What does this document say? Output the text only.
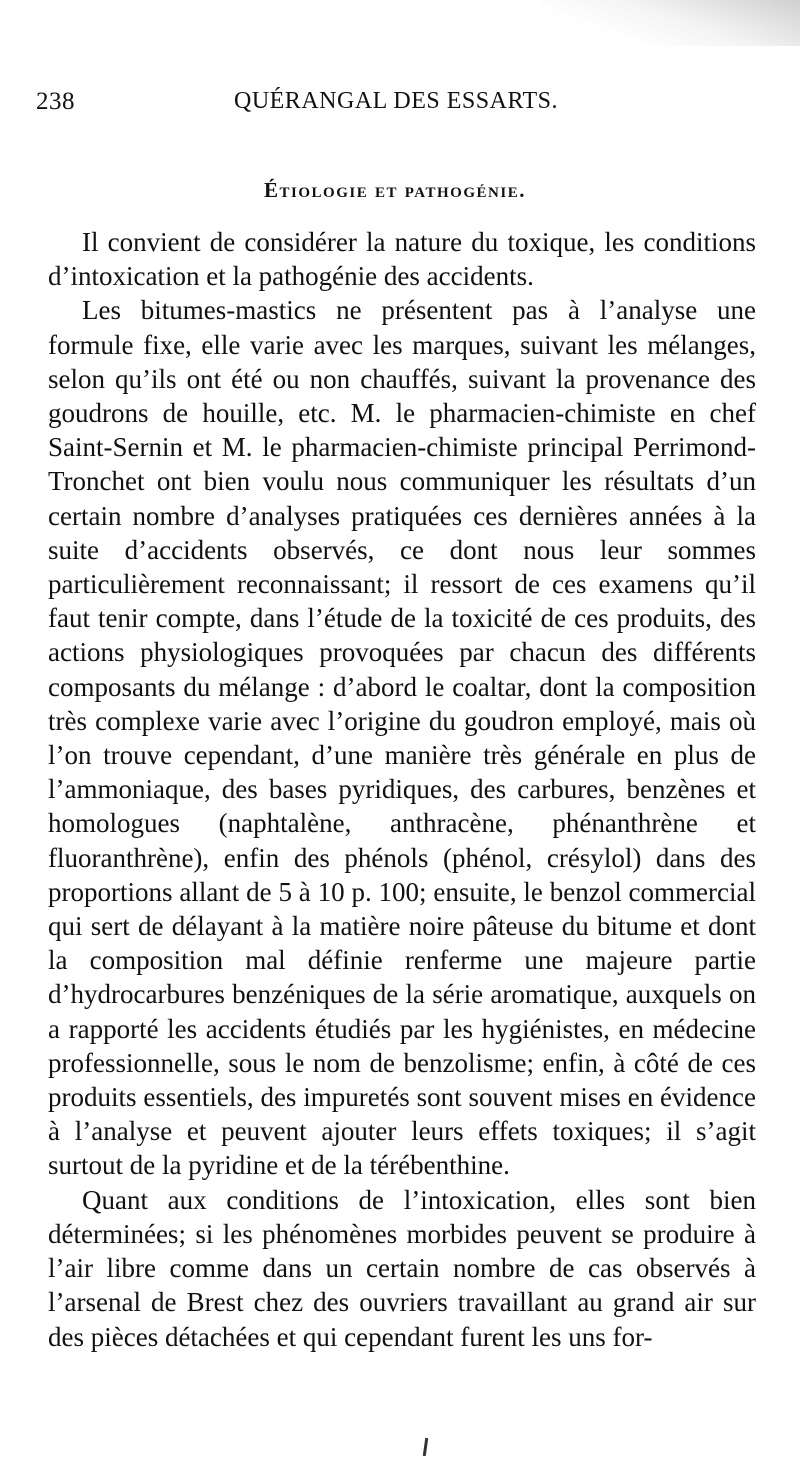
238	QUÉRANGAL DES ESSARTS.
Étiologie et pathogénie.

Il convient de considérer la nature du toxique, les conditions d’intoxication et la pathogénie des accidents.

Les bitumes-mastics ne présentent pas à l’analyse une formule fixe, elle varie avec les marques, suivant les mélanges, selon qu’ils ont été ou non chauffés, suivant la provenance des goudrons de houille, etc. M. le pharmacien-chimiste en chef Saint-Sernin et M. le pharmacien-chimiste principal Perrimond-Tronchet ont bien voulu nous communiquer les résultats d’un certain nombre d’analyses pratiquées ces dernières années à la suite d’accidents observés, ce dont nous leur sommes particulièrement reconnaissant; il ressort de ces examens qu’il faut tenir compte, dans l’étude de la toxicité de ces produits, des actions physiologiques provoquées par chacun des différents composants du mélange : d’abord le coaltar, dont la composition très complexe varie avec l’origine du goudron employé, mais où l’on trouve cependant, d’une manière très générale en plus de l’ammoniaque, des bases pyridiques, des carbures, benzènes et homologues (naphtalène, anthracène, phénanthrène et fluoranthrène), enfin des phénols (phénol, crésylol) dans des proportions allant de 5 à 10 p. 100; ensuite, le benzol commercial qui sert de délayant à la matière noire pâteuse du bitume et dont la composition mal définie renferme une majeure partie d’hydrocarbures benzéniques de la série aromatique, auxquels on a rapporté les accidents étudiés par les hygiénistes, en médecine professionnelle, sous le nom de benzolisme; enfin, à côté de ces produits essentiels, des impuretés sont souvent mises en évidence à l’analyse et peuvent ajouter leurs effets toxiques; il s’agit surtout de la pyridine et de la térébenthine.

Quant aux conditions de l’intoxication, elles sont bien déterminées; si les phénomènes morbides peuvent se produire à l’air libre comme dans un certain nombre de cas observés à l’arsenal de Brest chez des ouvriers travaillant au grand air sur des pièces détachées et qui cependant furent les uns for-
